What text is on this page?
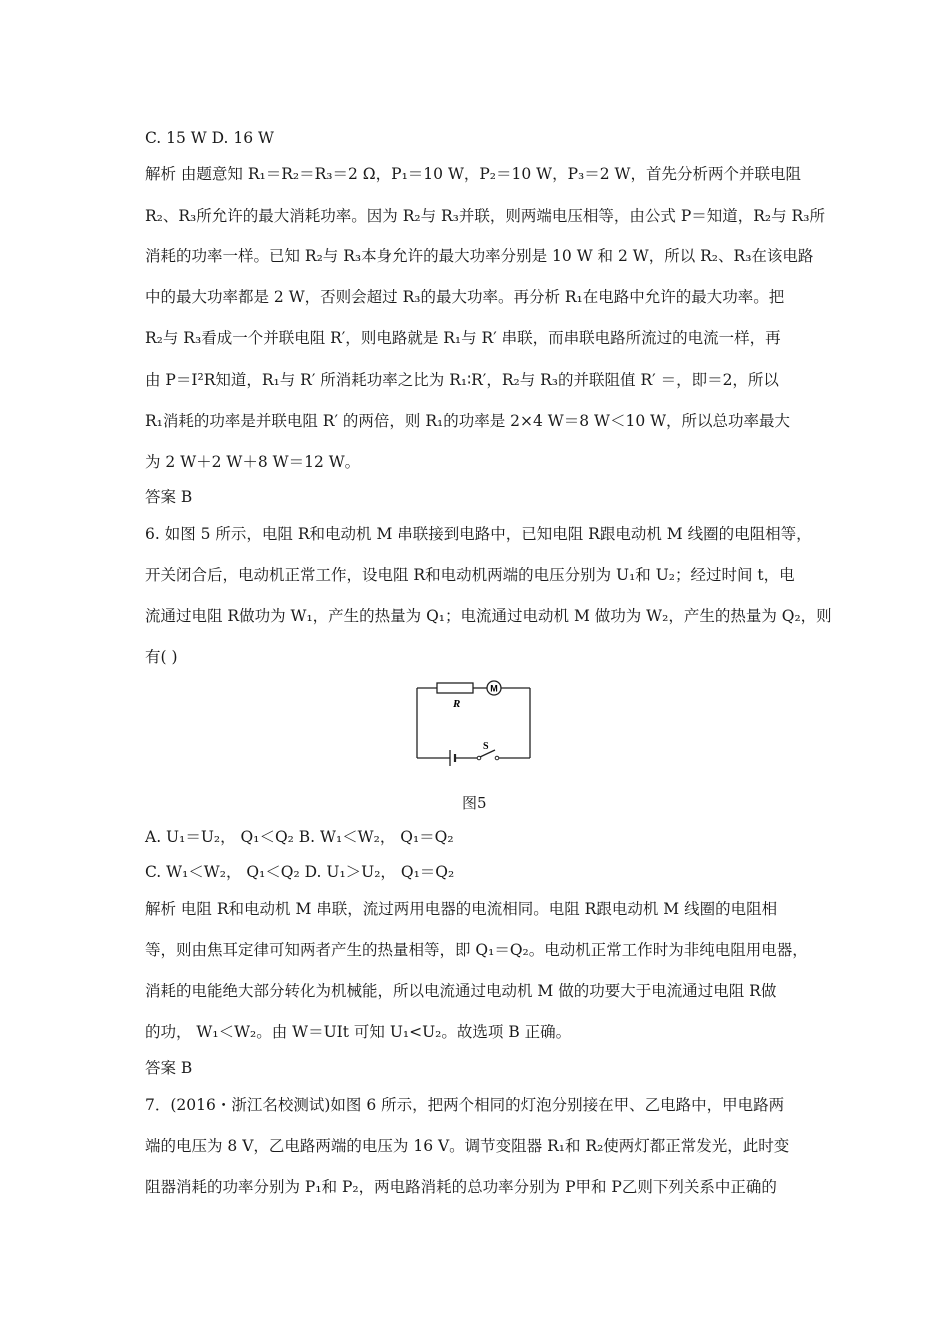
C. 15 W D. 16 W
解析 由题意知 R₁＝R₂＝R₃＝2 Ω，P₁＝10 W，P₂＝10 W，P₃＝2 W，首先分析两个并联电阻
R₂、R₃所允许的最大消耗功率。因为 R₂与 R₃并联，则两端电压相等，由公式 P＝知道，R₂与 R₃所
消耗的功率一样。已知 R₂与 R₃本身允许的最大功率分别是 10 W 和 2 W，所以 R₂、R₃在该电路
中的最大功率都是 2 W，否则会超过 R₃的最大功率。再分析 R₁在电路中允许的最大功率。把
R₂与 R₃看成一个并联电阻 R′，则电路就是 R₁与 R′ 串联，而串联电路所流过的电流一样，再
由 P＝I²R知道，R₁与 R′ 所消耗功率之比为 R₁∶R′，R₂与 R₃的并联阻值 R′ ＝，即＝2，所以
R₁消耗的功率是并联电阻 R′ 的两倍，则 R₁的功率是 2×4 W＝8 W＜10 W，所以总功率最大
为 2 W＋2 W＋8 W＝12 W。
答案 B
6. 如图 5 所示，电阻 R和电动机 M 串联接到电路中，已知电阻 R跟电动机 M 线圈的电阻相等，
开关闭合后，电动机正常工作，设电阻 R和电动机两端的电压分别为 U₁和 U₂；经过时间 t，电
流通过电阻 R做功为 W₁，产生的热量为 Q₁；电流通过电动机 M 做功为 W₂，产生的热量为 Q₂，则
有( )
M
R
S
图5
A. U₁＝U₂， Q₁＜Q₂ B. W₁＜W₂， Q₁＝Q₂
C. W₁＜W₂， Q₁＜Q₂ D. U₁＞U₂， Q₁＝Q₂
解析 电阻 R和电动机 M 串联，流过两用电器的电流相同。电阻 R跟电动机 M 线圈的电阻相
等，则由焦耳定律可知两者产生的热量相等，即 Q₁＝Q₂。电动机正常工作时为非纯电阻用电器，
消耗的电能绝大部分转化为机械能，所以电流通过电动机 M 做的功要大于电流通过电阻 R做
的功， W₁＜W₂。由 W＝UIt 可知 U₁<U₂。故选项 B 正确。
答案 B
7．(2016・浙江名校测试)如图 6 所示，把两个相同的灯泡分别接在甲、乙电路中，甲电路两
端的电压为 8 V，乙电路两端的电压为 16 V。调节变阻器 R₁和 R₂使两灯都正常发光，此时变
阻器消耗的功率分别为 P₁和 P₂，两电路消耗的总功率分别为 P甲和 P乙则下列关系中正确的
